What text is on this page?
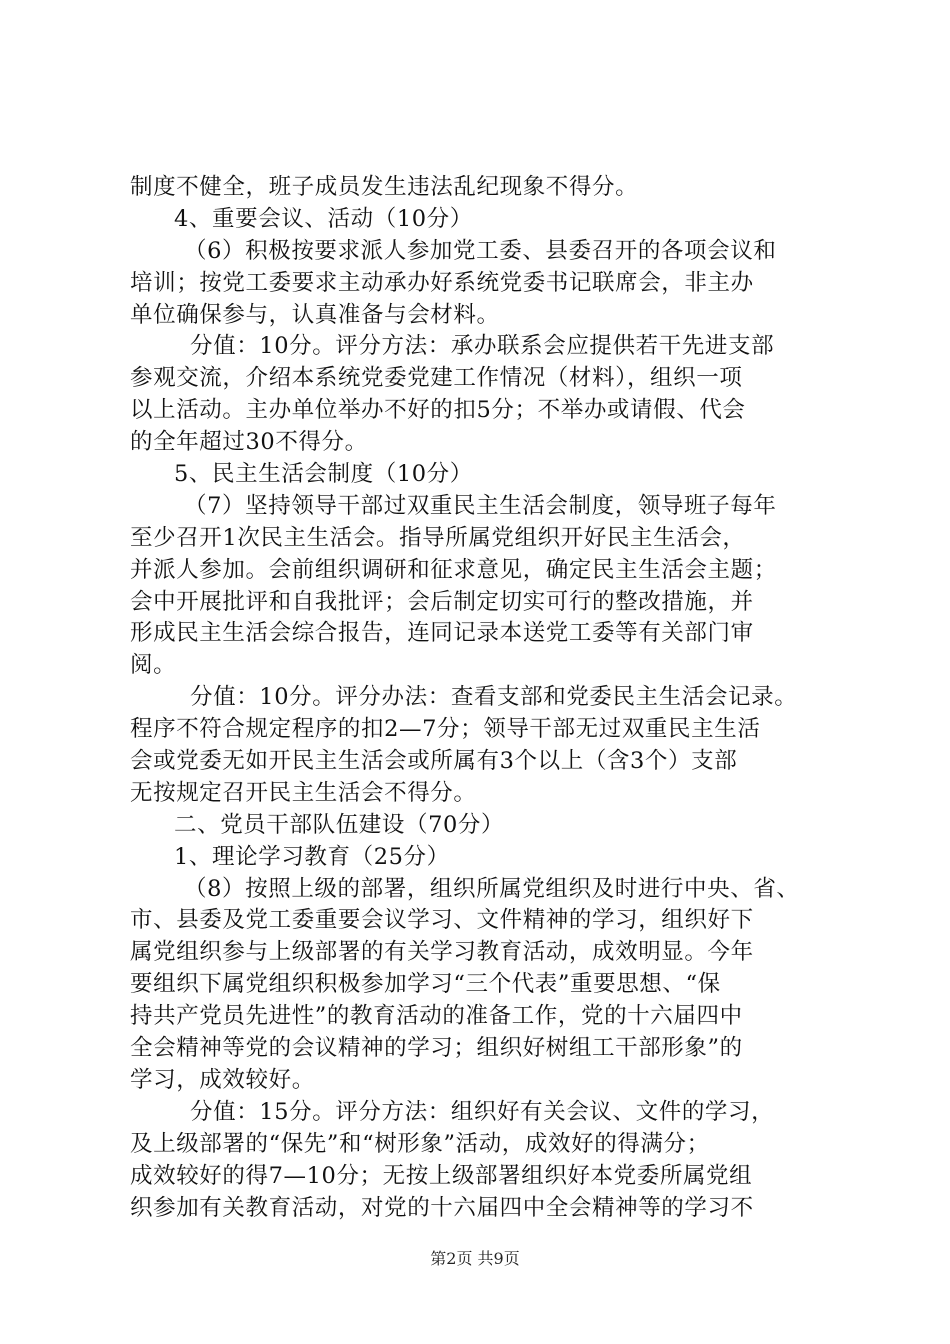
制度不健全，班子成员发生违法乱纪现象不得分。
4、重要会议、活动（10分）
（6）积极按要求派人参加党工委、县委召开的各项会议和
培训；按党工委要求主动承办好系统党委书记联席会，非主办
单位确保参与，认真准备与会材料。
分值：10分。评分方法：承办联系会应提供若干先进支部
参观交流，介绍本系统党委党建工作情况（材料），组织一项
以上活动。主办单位举办不好的扣5分；不举办或请假、代会
的全年超过30不得分。
5、民主生活会制度（10分）
（7）坚持领导干部过双重民主生活会制度，领导班子每年
至少召开1次民主生活会。指导所属党组织开好民主生活会，
并派人参加。会前组织调研和征求意见，确定民主生活会主题；
会中开展批评和自我批评；会后制定切实可行的整改措施，并
形成民主生活会综合报告，连同记录本送党工委等有关部门审
阅。
分值：10分。评分办法：查看支部和党委民主生活会记录。
程序不符合规定程序的扣2—7分；领导干部无过双重民主生活
会或党委无如开民主生活会或所属有3个以上（含3个）支部
无按规定召开民主生活会不得分。
二、党员干部队伍建设（70分）
1、理论学习教育（25分）
（8）按照上级的部署，组织所属党组织及时进行中央、省、
市、县委及党工委重要会议学习、文件精神的学习，组织好下
属党组织参与上级部署的有关学习教育活动，成效明显。今年
要组织下属党组织积极参加学习“三个代表”重要思想、“保
持共产党员先进性”的教育活动的准备工作，党的十六届四中
全会精神等党的会议精神的学习；组织好树组工干部形象”的
学习，成效较好。
分值：15分。评分方法：组织好有关会议、文件的学习，
及上级部署的“保先”和“树形象”活动，成效好的得满分；
成效较好的得7—10分；无按上级部署组织好本党委所属党组
织参加有关教育活动，对党的十六届四中全会精神等的学习不
第2页 共9页
